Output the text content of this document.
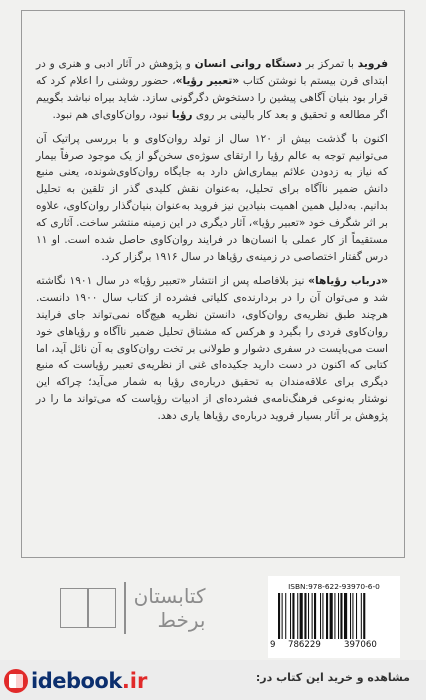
فروید با تمرکز بر دستگاه روانی انسان و پژوهش در آثار ادبی و هنری و در ابتدای قرن بیستم با نوشتن کتاب «تعبیر رؤیا»، حضور روشنی را اعلام کرد که قرار بود بنیان آگاهی پیشین را دستخوش دگرگونی سازد. شاید بیراه نباشد بگوییم اگر مطالعه و تحقیق و بعد کار بالینی بر روی رؤیا نبود، روان‌کاوی‌ای هم نبود.

اکنون با گذشت بیش از ۱۲۰ سال از تولد روان‌کاوی و با بررسی پراتیک آن می‌توانیم توجه به عالم رؤیا را ارتقای سوژه‌ی سخن‌گو از یک موجود صرفاً بیمار که نیاز به زدودن علائم بیماری‌اش دارد به جایگاه روان‌کاوی‌شونده، یعنی منبع دانش ضمیر ناآگاه برای تحلیل، به‌عنوان نقش کلیدی گذر از تلقین به تحلیل بدانیم. به‌دلیل همین اهمیت بنیادین نیز فروید به‌عنوان بنیان‌گذار روان‌کاوی، علاوه بر اثر شگرف خود «تعبیر رؤیا»، آثار دیگری در این زمینه منتشر ساخت. آثاری که مستقیماً از کار عملی با انسان‌ها در فرایند روان‌کاوی حاصل شده است. او ۱۱ درس گفتار اختصاصی در زمینه‌ی رؤیاها در سال ۱۹۱۶ برگزار کرد.

«درباب رؤیاها» نیز بلافاصله پس از انتشار «تعبیر رؤیا» در سال ۱۹۰۱ نگاشته شد و می‌توان آن را در بردارنده‌ی کلیاتی فشرده از کتاب سال ۱۹۰۰ دانست. هرچند طبق نظریه‌ی روان‌کاوی، دانستن نظریه هیچ‌گاه نمی‌تواند جای فرایند روان‌کاوی فردی را بگیرد و هرکس که مشتاق تحلیل ضمیر ناآگاه و رؤیاهای خود است می‌بایست در سفری دشوار و طولانی بر تخت روان‌کاوی به آن نائل آید، اما کتابی که اکنون در دست دارید جکیده‌ای غنی از نظریه‌ی تعبیر رؤیاست که منبع دیگری برای علاقه‌مندان به تحقیق درباره‌ی رؤیا به شمار می‌آید؛ چراکه این نوشتار به‌نوعی فرهنگ‌نامه‌ی فشرده‌ای از ادبیات رؤیاست که می‌تواند ما را در پژوهش بر آثار بسیار فروید درباره‌ی رؤیاها یاری دهد.

کتابستان
برخط
ISBN:978-622-93970-6-0
9 786229	397060
idebook .ir	مشاهده و خرید این کتاب در:
